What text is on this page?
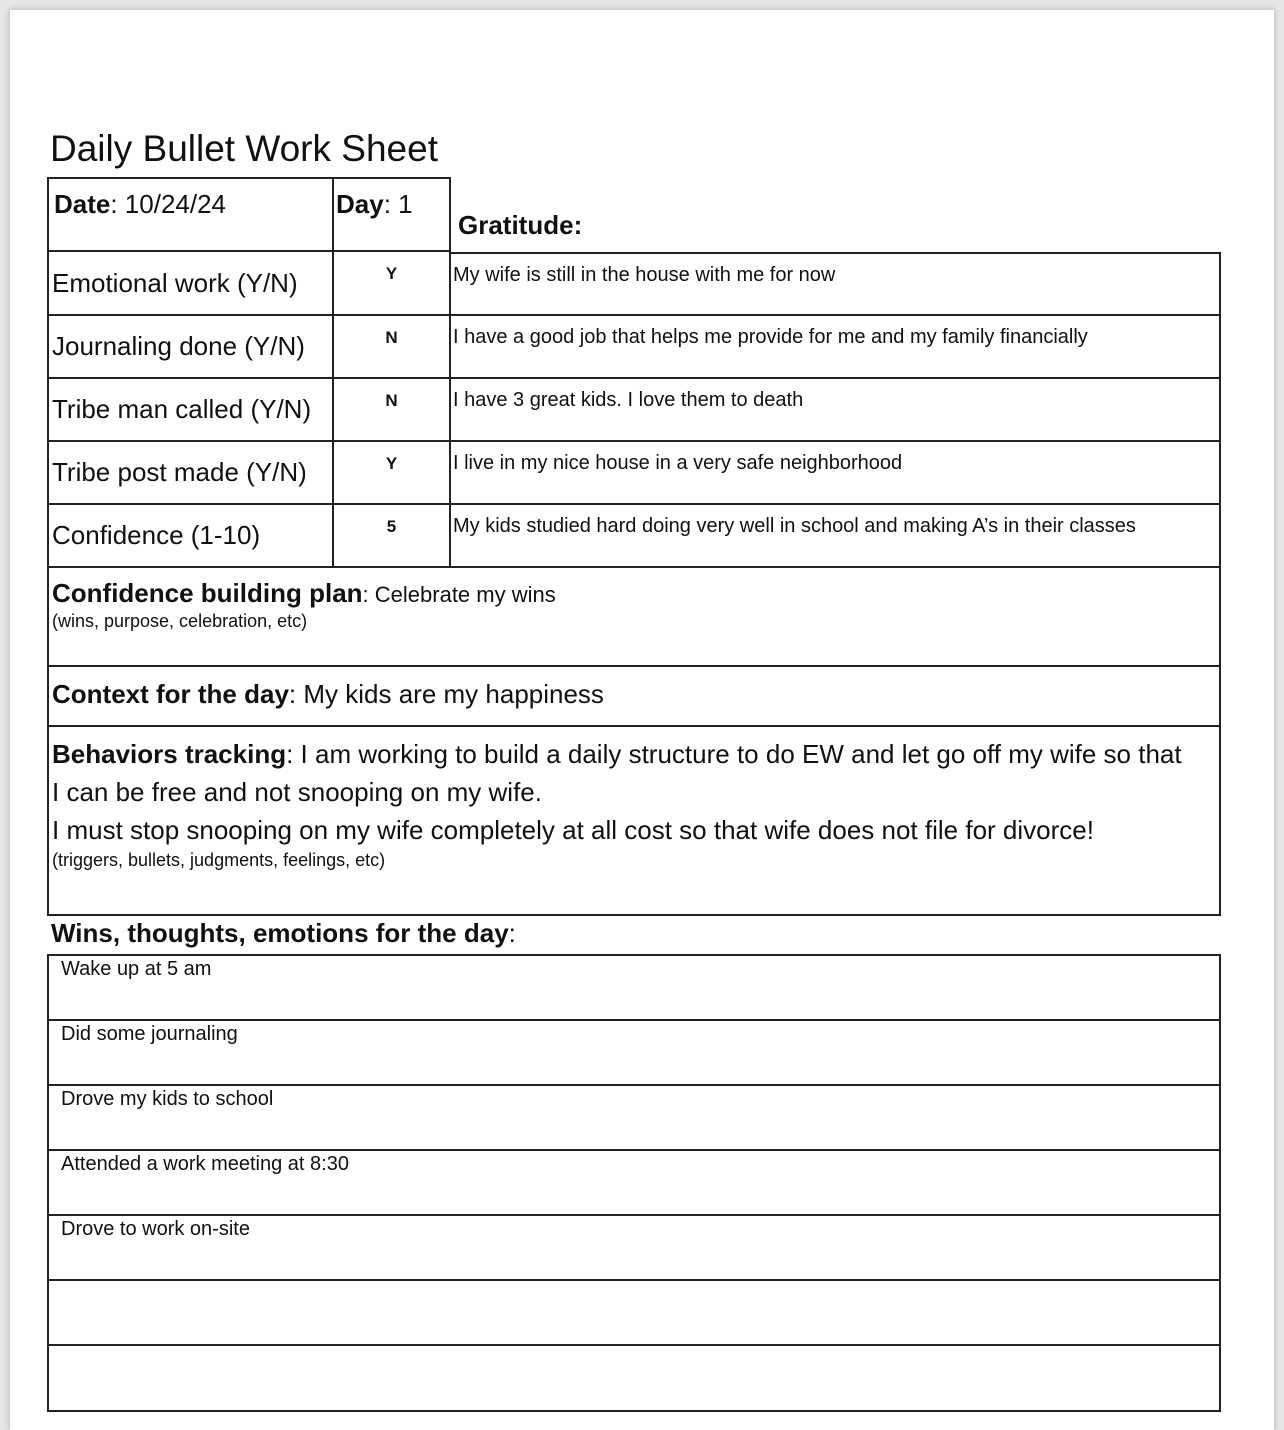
Daily Bullet Work Sheet
Date: 10/24/24	Day: 1
Gratitude:
Emotional work (Y/N)	Y	My wife is still in the house with me for now
Journaling done (Y/N)	N	I have a good job that helps me provide for me and my family financially
Tribe man called (Y/N)	N	I have 3 great kids. I love them to death
Tribe post made (Y/N)	Y	I live in my nice house in a very safe neighborhood
Confidence (1-10)	5	My kids studied hard doing very well in school and making A’s in their classes
Confidence building plan: Celebrate my wins
(wins, purpose, celebration, etc)
Context for the day: My kids are my happiness
Behaviors tracking: I am working to build a daily structure to do EW and let go off my wife so that
I can be free and not snooping on my wife.
I must stop snooping on my wife completely at all cost so that wife does not file for divorce!
(triggers, bullets, judgments, feelings, etc)
Wins, thoughts, emotions for the day:
Wake up at 5 am
Did some journaling
Drove my kids to school
Attended a work meeting at 8:30
Drove to work on-site
